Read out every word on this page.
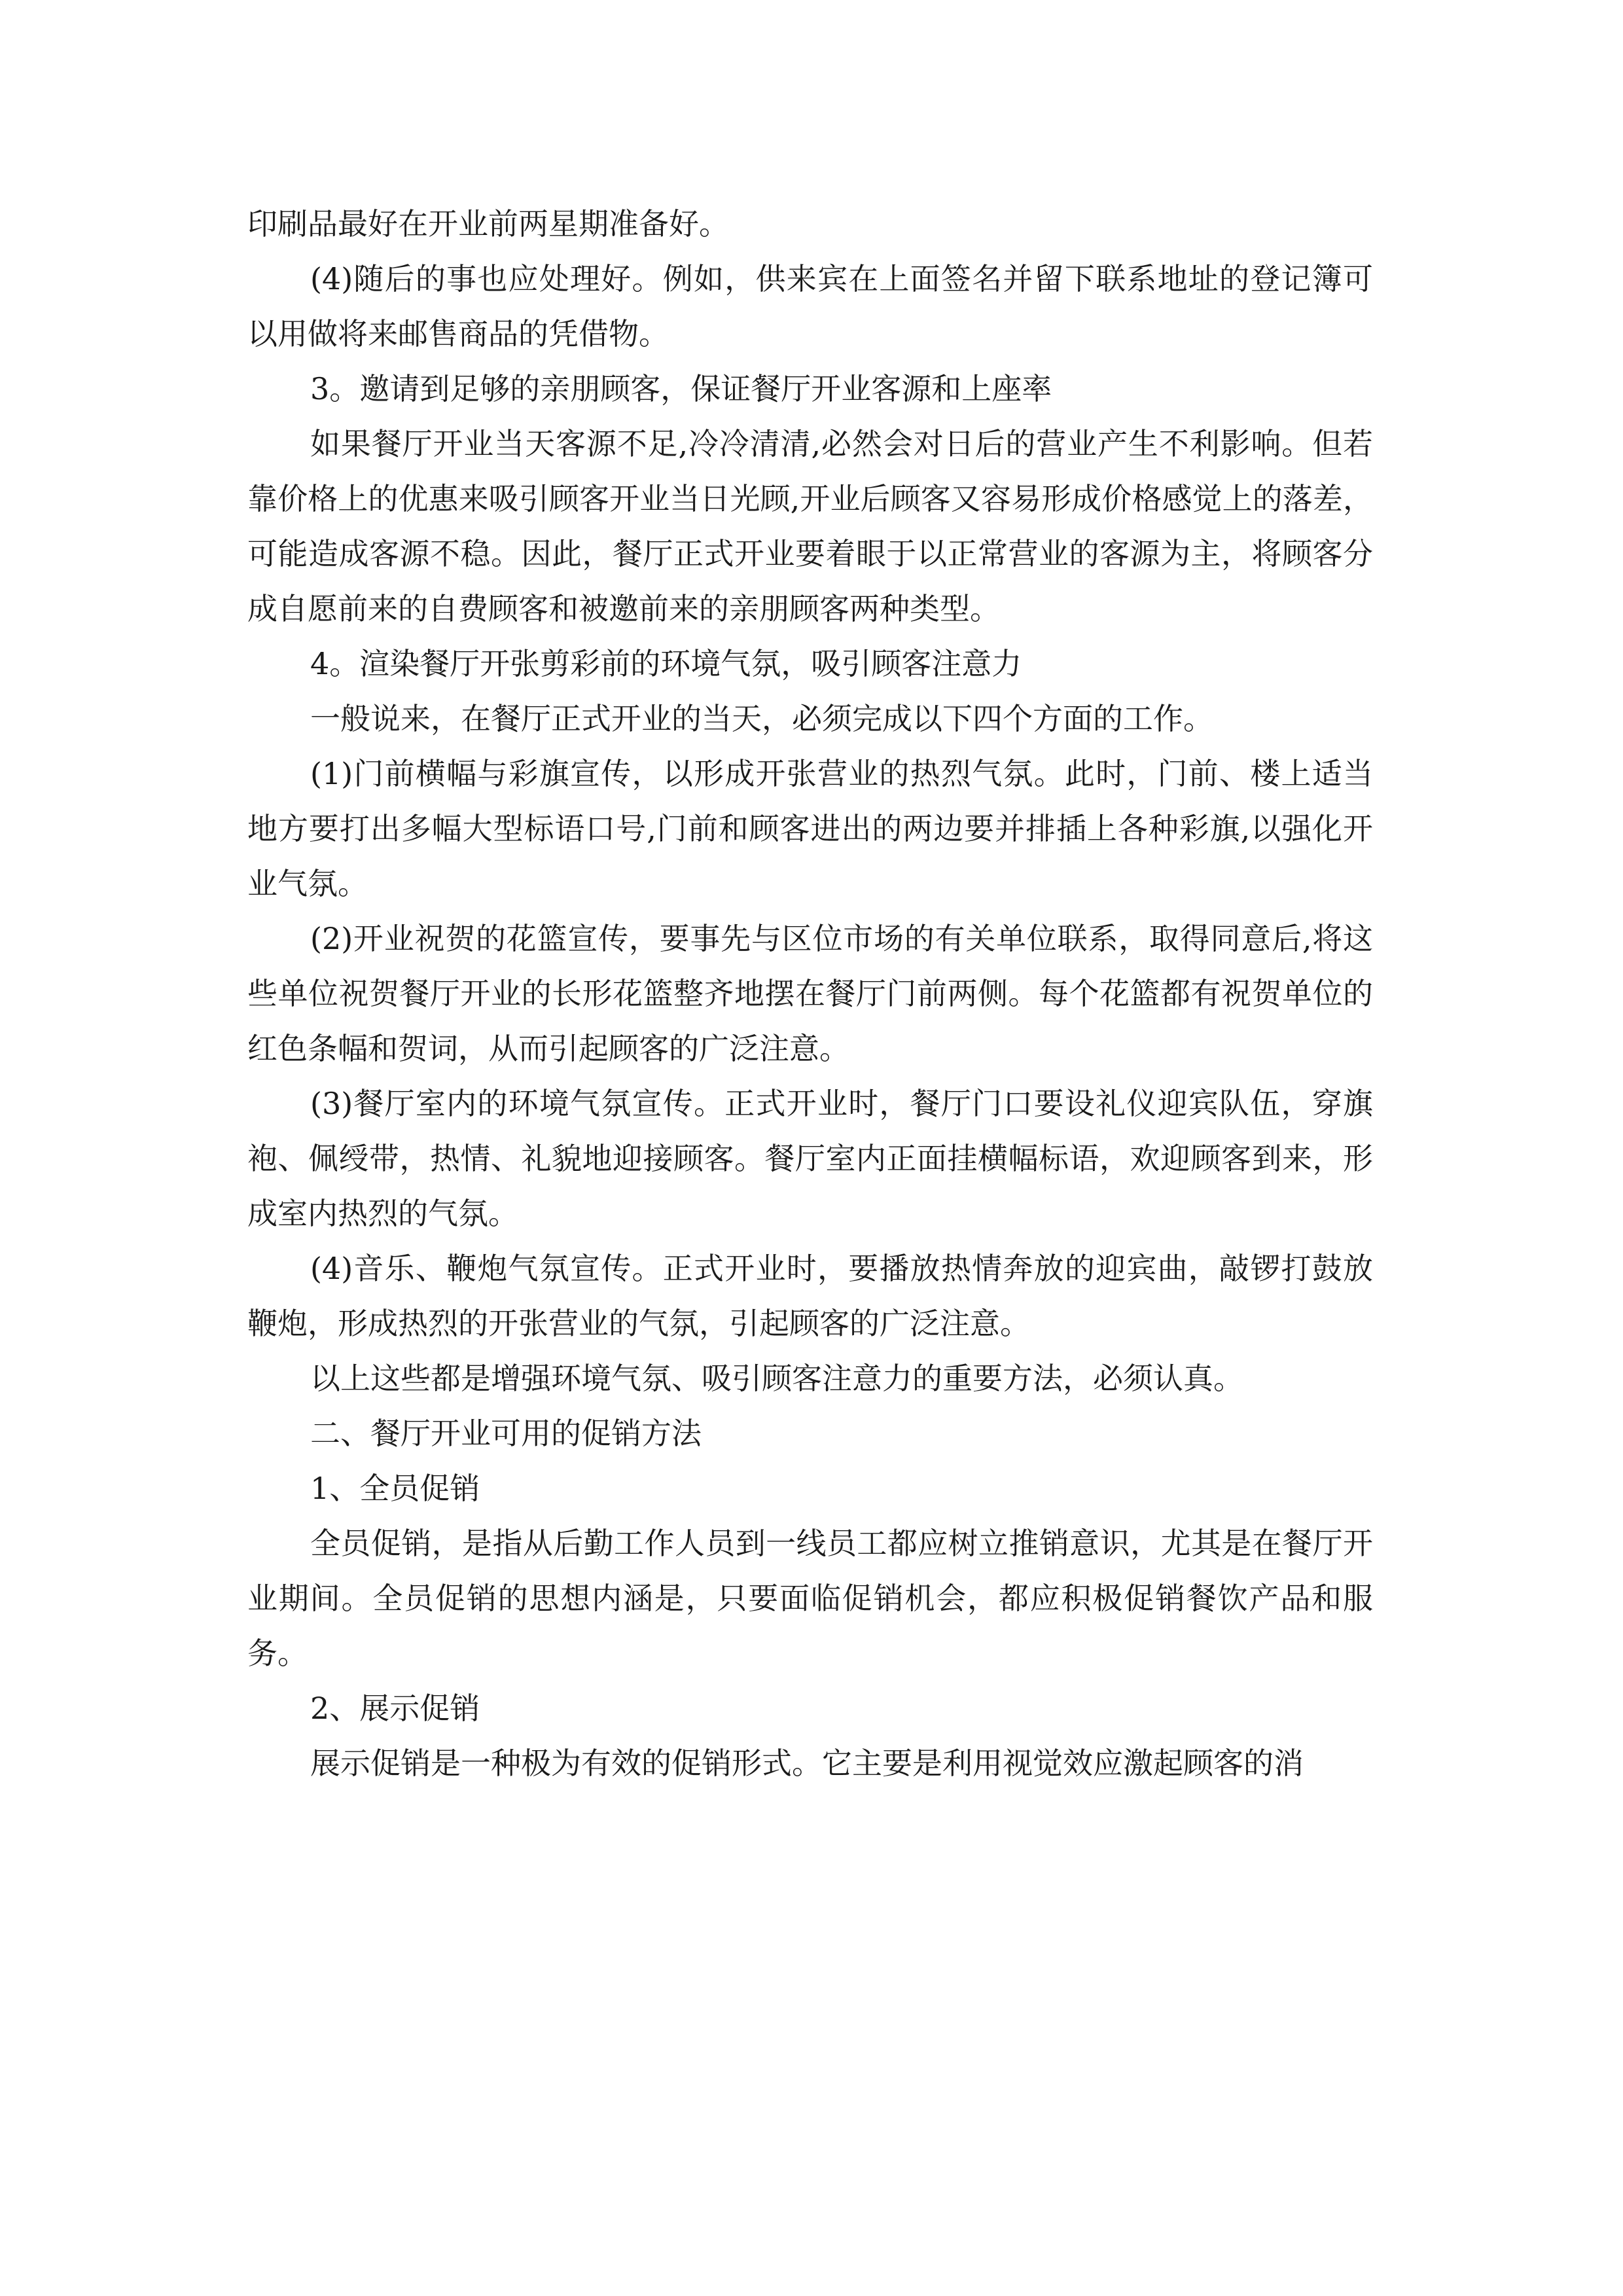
印刷品最好在开业前两星期准备好。

(4)随后的事也应处理好。例如，供来宾在上面签名并留下联系地址的登记簿可以用做将来邮售商品的凭借物。

3。邀请到足够的亲朋顾客，保证餐厅开业客源和上座率

如果餐厅开业当天客源不足,冷冷清清,必然会对日后的营业产生不利影响。但若靠价格上的优惠来吸引顾客开业当日光顾,开业后顾客又容易形成价格感觉上的落差，可能造成客源不稳。因此，餐厅正式开业要着眼于以正常营业的客源为主，将顾客分成自愿前来的自费顾客和被邀前来的亲朋顾客两种类型。

4。渲染餐厅开张剪彩前的环境气氛，吸引顾客注意力

一般说来，在餐厅正式开业的当天，必须完成以下四个方面的工作。

(1)门前横幅与彩旗宣传，以形成开张营业的热烈气氛。此时，门前、楼上适当地方要打出多幅大型标语口号,门前和顾客进出的两边要并排插上各种彩旗,以强化开业气氛。

(2)开业祝贺的花篮宣传，要事先与区位市场的有关单位联系，取得同意后,将这些单位祝贺餐厅开业的长形花篮整齐地摆在餐厅门前两侧。每个花篮都有祝贺单位的红色条幅和贺词，从而引起顾客的广泛注意。

(3)餐厅室内的环境气氛宣传。正式开业时，餐厅门口要设礼仪迎宾队伍，穿旗袍、佩绶带，热情、礼貌地迎接顾客。餐厅室内正面挂横幅标语，欢迎顾客到来，形成室内热烈的气氛。

(4)音乐、鞭炮气氛宣传。正式开业时，要播放热情奔放的迎宾曲，敲锣打鼓放鞭炮，形成热烈的开张营业的气氛，引起顾客的广泛注意。

以上这些都是增强环境气氛、吸引顾客注意力的重要方法，必须认真。

二、餐厅开业可用的促销方法

1、全员促销

全员促销，是指从后勤工作人员到一线员工都应树立推销意识，尤其是在餐厅开业期间。全员促销的思想内涵是，只要面临促销机会，都应积极促销餐饮产品和服务。

2、展示促销

展示促销是一种极为有效的促销形式。它主要是利用视觉效应激起顾客的消
